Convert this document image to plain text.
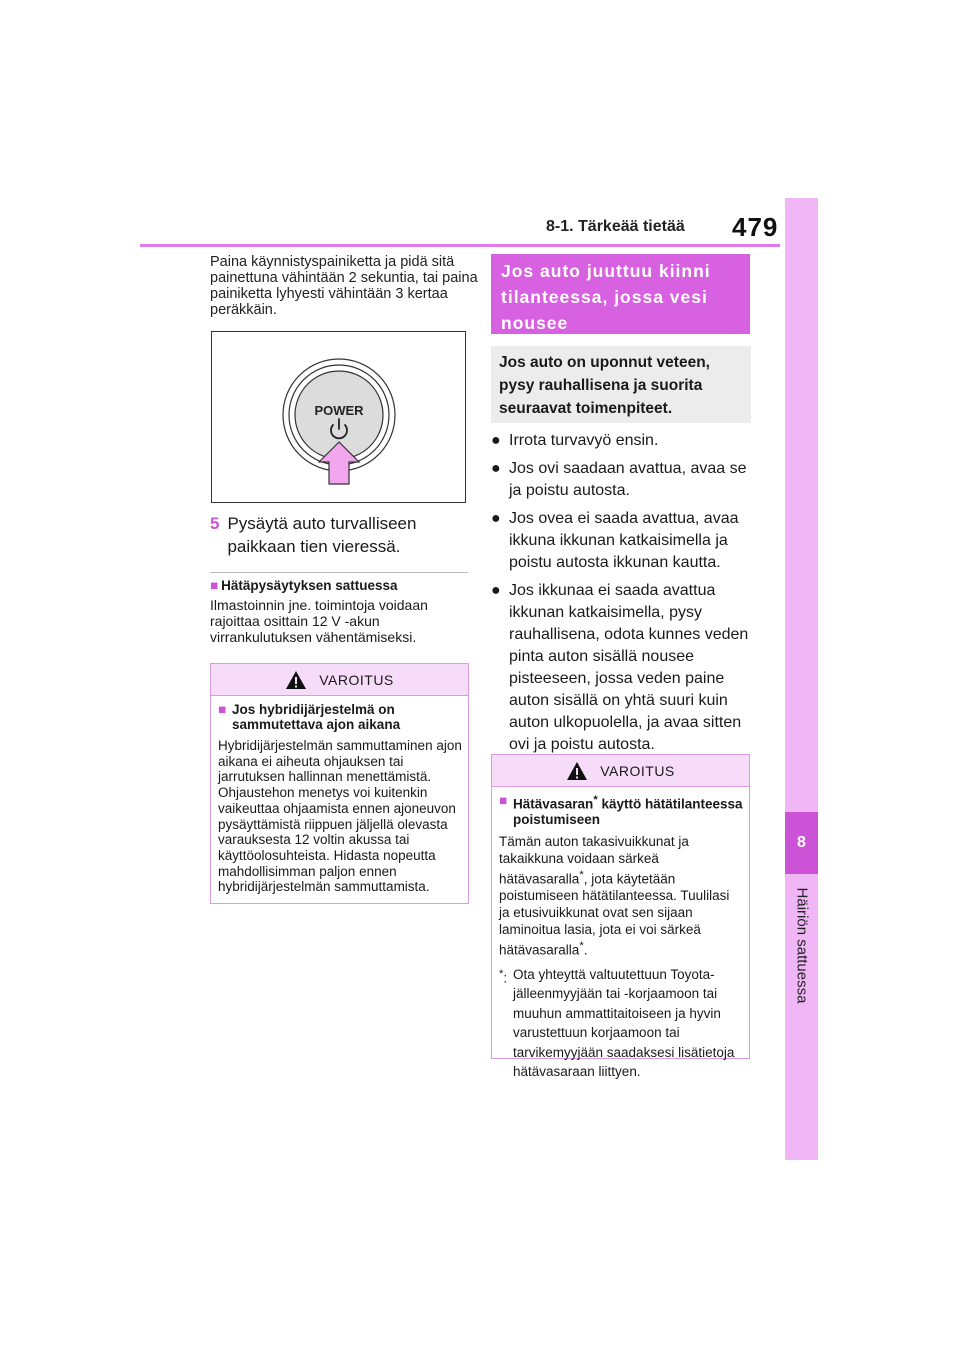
8-1. Tärkeää tietää 479
8
Häiriön sattuessa
Paina käynnistyspainiketta ja pidä sitä painettuna vähintään 2 sekuntia, tai paina painiketta lyhyesti vähintään 3 kertaa peräkkäin.
POWER
5 Pysäytä auto turvalliseen paikkaan tien vieressä.
■ Hätäpysäytyksen sattuessa
Ilmastoinnin jne. toimintoja voidaan rajoittaa osittain 12 V -akun virrankulutuksen vähentämiseksi.
VAROITUS
■ Jos hybridijärjestelmä on sammutettava ajon aikana
Hybridijärjestelmän sammuttaminen ajon aikana ei aiheuta ohjauksen tai jarrutuksen hallinnan menettämistä. Ohjaustehon menetys voi kuitenkin vaikeuttaa ohjaamista ennen ajoneuvon pysäyttämistä riippuen jäljellä olevasta varauksesta 12 voltin akussa tai käyttöolosuhteista. Hidasta nopeutta mahdollisimman paljon ennen hybridijärjestelmän sammuttamista.
Jos auto juuttuu kiinni tilanteessa, jossa vesi nousee
Jos auto on uponnut veteen, pysy rauhallisena ja suorita seuraavat toimenpiteet.
● Irrota turvavyö ensin.
● Jos ovi saadaan avattua, avaa se ja poistu autosta.
● Jos ovea ei saada avattua, avaa ikkuna ikkunan katkaisimella ja poistu autosta ikkunan kautta.
● Jos ikkunaa ei saada avattua ikkunan katkaisimella, pysy rauhallisena, odota kunnes veden pinta auton sisällä nousee pisteeseen, jossa veden paine auton sisällä on yhtä suuri kuin auton ulkopuolella, ja avaa sitten ovi ja poistu autosta.
VAROITUS
■ Hätävasaran* käyttö hätätilanteessa poistumiseen
Tämän auton takasivuikkunat ja takaikkuna voidaan särkeä hätävasaralla*, jota käytetään poistumiseen hätätilanteessa. Tuulilasi ja etusivuikkunat ovat sen sijaan laminoitua lasia, jota ei voi särkeä hätävasaralla*.
*: Ota yhteyttä valtuutettuun Toyota-jälleenmyyjään tai -korjaamoon tai muuhun ammattitaitoiseen ja hyvin varustettuun korjaamoon tai tarvikemyyjään saadaksesi lisätietoja hätävasaraan liittyen.
